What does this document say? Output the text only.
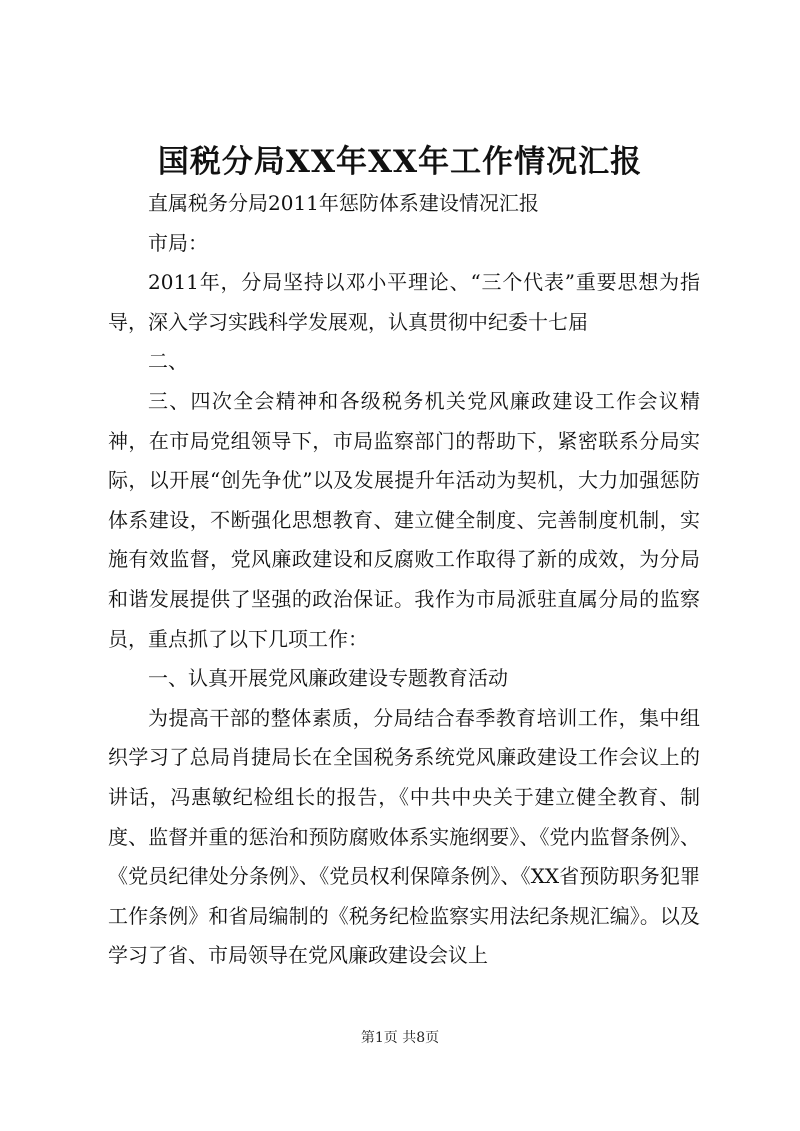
国税分局XX年XX年工作情况汇报

直属税务分局2011年惩防体系建设情况汇报

市局：

2011年，分局坚持以邓小平理论、“三个代表”重要思想为指导，深入学习实践科学发展观，认真贯彻中纪委十七届

二、

三、四次全会精神和各级税务机关党风廉政建设工作会议精神，在市局党组领导下，市局监察部门的帮助下，紧密联系分局实际，以开展“创先争优”以及发展提升年活动为契机，大力加强惩防体系建设，不断强化思想教育、建立健全制度、完善制度机制，实施有效监督，党风廉政建设和反腐败工作取得了新的成效，为分局和谐发展提供了坚强的政治保证。我作为市局派驻直属分局的监察员，重点抓了以下几项工作：

一、认真开展党风廉政建设专题教育活动

为提高干部的整体素质，分局结合春季教育培训工作，集中组织学习了总局肖捷局长在全国税务系统党风廉政建设工作会议上的讲话，冯惠敏纪检组长的报告，《中共中央关于建立健全教育、制度、监督并重的惩治和预防腐败体系实施纲要》、《党内监督条例》、《党员纪律处分条例》、《党员权利保障条例》、《XX省预防职务犯罪工作条例》和省局编制的《税务纪检监察实用法纪条规汇编》。以及学习了省、市局领导在党风廉政建设会议上

第1页 共8页
